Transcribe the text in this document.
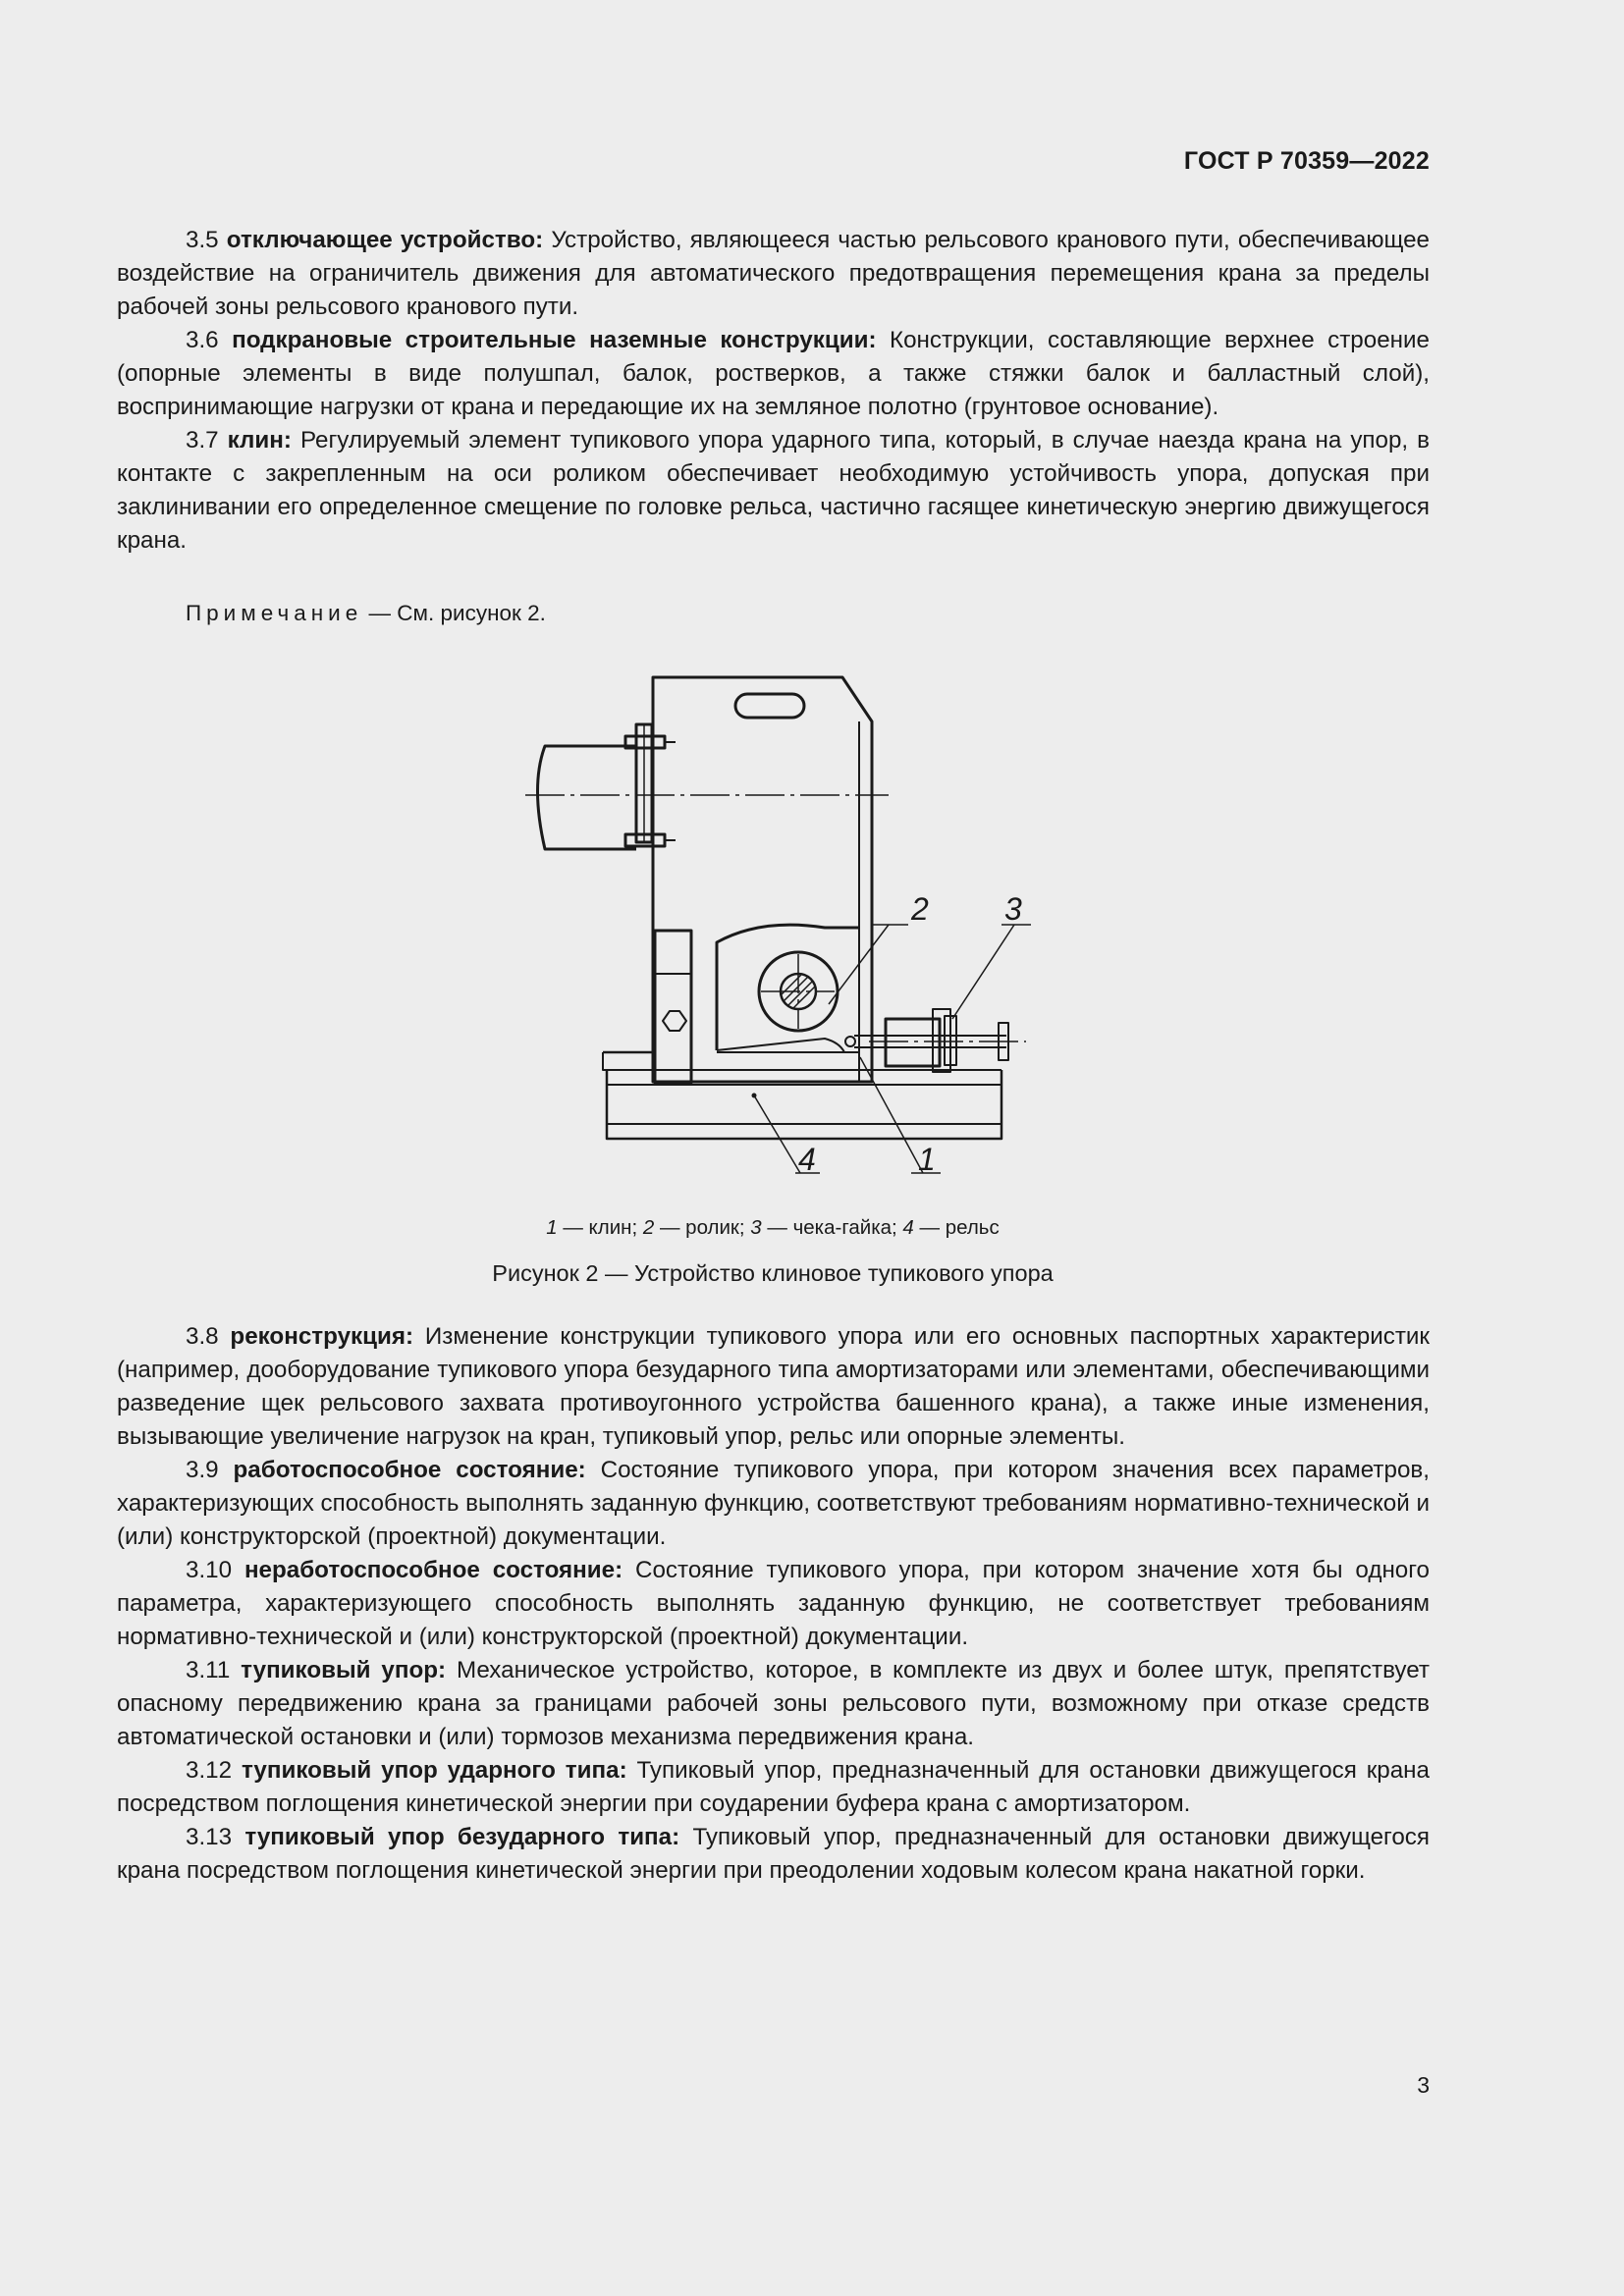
ГОСТ Р 70359—2022

3.5 отключающее устройство: Устройство, являющееся частью рельсового кранового пути, обеспечивающее воздействие на ограничитель движения для автоматического предотвращения перемещения крана за пределы рабочей зоны рельсового кранового пути.

3.6 подкрановые строительные наземные конструкции: Конструкции, составляющие верхнее строение (опорные элементы в виде полушпал, балок, ростверков, а также стяжки балок и балластный слой), воспринимающие нагрузки от крана и передающие их на земляное полотно (грунтовое основание).

3.7 клин: Регулируемый элемент тупикового упора ударного типа, который, в случае наезда крана на упор, в контакте с закрепленным на оси роликом обеспечивает необходимую устойчивость упора, допуская при заклинивании его определенное смещение по головке рельса, частично гасящее кинетическую энергию движущегося крана.

Примечание — См. рисунок 2.
2 3
1
4
1 — клин; 2 — ролик; 3 — чека-гайка; 4 — рельс
Рисунок 2 — Устройство клиновое тупикового упора

3.8 реконструкция: Изменение конструкции тупикового упора или его основных паспортных характеристик (например, дооборудование тупикового упора безударного типа амортизаторами или элементами, обеспечивающими разведение щек рельсового захвата противоугонного устройства башенного крана), а также иные изменения, вызывающие увеличение нагрузок на кран, тупиковый упор, рельс или опорные элементы.

3.9 работоспособное состояние: Состояние тупикового упора, при котором значения всех параметров, характеризующих способность выполнять заданную функцию, соответствуют требованиям нормативно-технической и (или) конструкторской (проектной) документации.

3.10 неработоспособное состояние: Состояние тупикового упора, при котором значение хотя бы одного параметра, характеризующего способность выполнять заданную функцию, не соответствует требованиям нормативно-технической и (или) конструкторской (проектной) документации.

3.11 тупиковый упор: Механическое устройство, которое, в комплекте из двух и более штук, препятствует опасному передвижению крана за границами рабочей зоны рельсового пути, возможному при отказе средств автоматической остановки и (или) тормозов механизма передвижения крана.

3.12 тупиковый упор ударного типа: Тупиковый упор, предназначенный для остановки движущегося крана посредством поглощения кинетической энергии при соударении буфера крана с амортизатором.

3.13 тупиковый упор безударного типа: Тупиковый упор, предназначенный для остановки движущегося крана посредством поглощения кинетической энергии при преодолении ходовым колесом крана накатной горки.

3
